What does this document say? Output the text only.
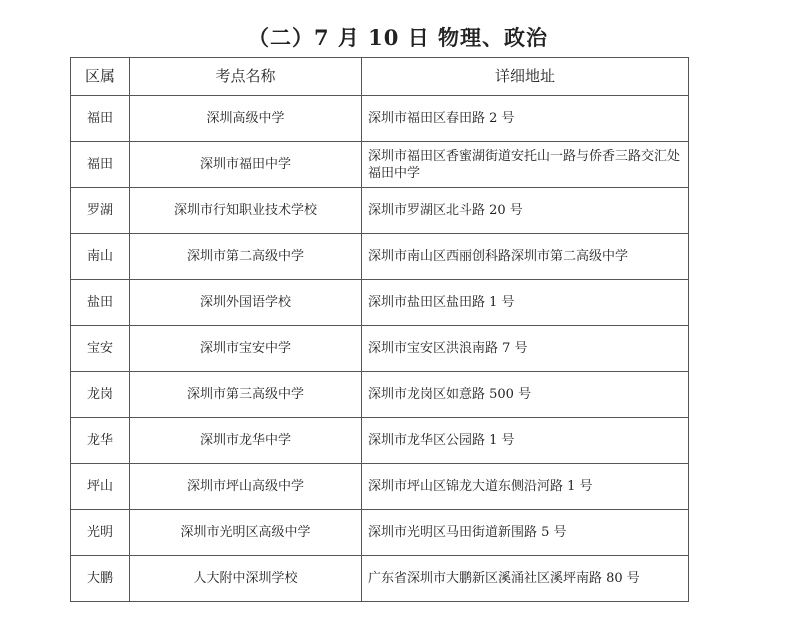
（二）7 月 10 日 物理、政治
区属	考点名称	详细地址
福田	深圳高级中学	深圳市福田区春田路 2 号
福田	深圳市福田中学	深圳市福田区香蜜湖街道安托山一路与侨香三路交汇处福田中学
罗湖	深圳市行知职业技术学校	深圳市罗湖区北斗路 20 号
南山	深圳市第二高级中学	深圳市南山区西丽创科路深圳市第二高级中学
盐田	深圳外国语学校	深圳市盐田区盐田路 1 号
宝安	深圳市宝安中学	深圳市宝安区洪浪南路 7 号
龙岗	深圳市第三高级中学	深圳市龙岗区如意路 500 号
龙华	深圳市龙华中学	深圳市龙华区公园路 1 号
坪山	深圳市坪山高级中学	深圳市坪山区锦龙大道东侧沿河路 1 号
光明	深圳市光明区高级中学	深圳市光明区马田街道新围路 5 号
大鹏	人大附中深圳学校	广东省深圳市大鹏新区溪涌社区溪坪南路 80 号
